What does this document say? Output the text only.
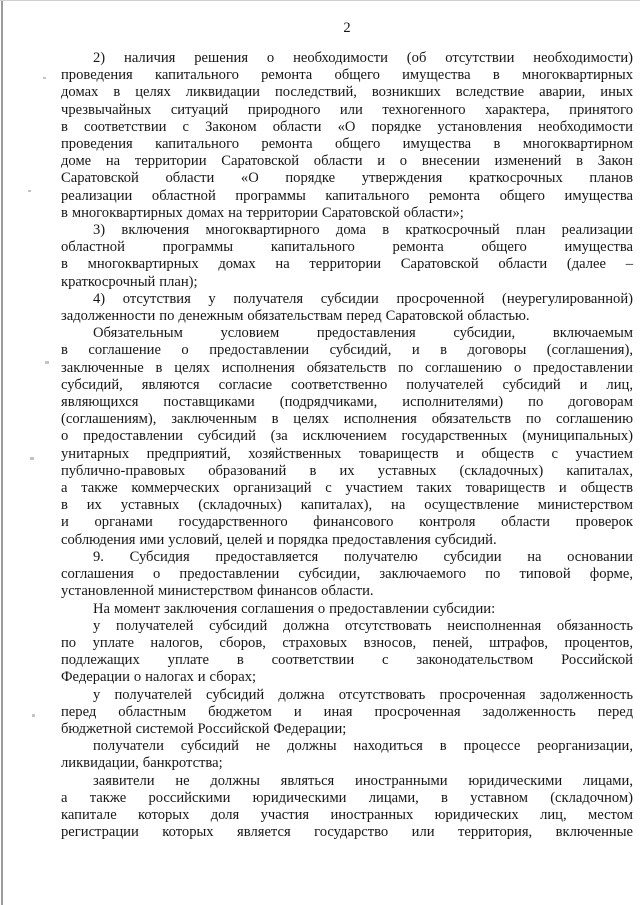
2
2) наличия решения о необходимости (об отсутствии необходимости)
проведения капитального ремонта общего имущества в многоквартирных
домах в целях ликвидации последствий, возникших вследствие аварии, иных
чрезвычайных ситуаций природного или техногенного характера, принятого
в соответствии с Законом области «О порядке установления необходимости
проведения капитального ремонта общего имущества в многоквартирном
доме на территории Саратовской области и о внесении изменений в Закон
Саратовской области «О порядке утверждения краткосрочных планов
реализации областной программы капитального ремонта общего имущества
в многоквартирных домах на территории Саратовской области»;
3) включения многоквартирного дома в краткосрочный план реализации
областной программы капитального ремонта общего имущества
в многоквартирных домах на территории Саратовской области (далее –
краткосрочный план);
4) отсутствия у получателя субсидии просроченной (неурегулированной)
задолженности по денежным обязательствам перед Саратовской областью.
Обязательным условием предоставления субсидии, включаемым
в соглашение о предоставлении субсидий, и в договоры (соглашения),
заключенные в целях исполнения обязательств по соглашению о предоставлении
субсидий, являются согласие соответственно получателей субсидий и лиц,
являющихся поставщиками (подрядчиками, исполнителями) по договорам
(соглашениям), заключенным в целях исполнения обязательств по соглашению
о предоставлении субсидий (за исключением государственных (муниципальных)
унитарных предприятий, хозяйственных товариществ и обществ с участием
публично-правовых образований в их уставных (складочных) капиталах,
а также коммерческих организаций с участием таких товариществ и обществ
в их уставных (складочных) капиталах), на осуществление министерством
и органами государственного финансового контроля области проверок
соблюдения ими условий, целей и порядка предоставления субсидий.
9. Субсидия предоставляется получателю субсидии на основании
соглашения о предоставлении субсидии, заключаемого по типовой форме,
установленной министерством финансов области.
На момент заключения соглашения о предоставлении субсидии:
у получателей субсидий должна отсутствовать неисполненная обязанность
по уплате налогов, сборов, страховых взносов, пеней, штрафов, процентов,
подлежащих уплате в соответствии с законодательством Российской
Федерации о налогах и сборах;
у получателей субсидий должна отсутствовать просроченная задолженность
перед областным бюджетом и иная просроченная задолженность перед
бюджетной системой Российской Федерации;
получатели субсидий не должны находиться в процессе реорганизации,
ликвидации, банкротства;
заявители не должны являться иностранными юридическими лицами,
а также российскими юридическими лицами, в уставном (складочном)
капитале которых доля участия иностранных юридических лиц, местом
регистрации которых является государство или территория, включенные
